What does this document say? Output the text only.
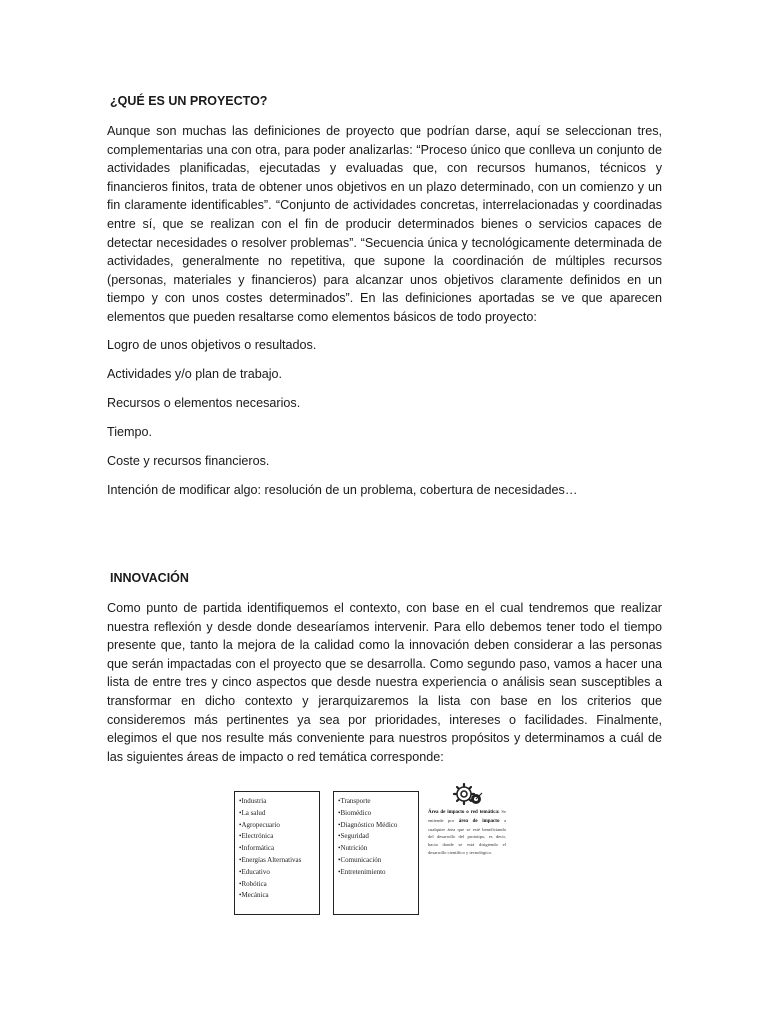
¿QUÉ ES UN PROYECTO?

Aunque son muchas las definiciones de proyecto que podrían darse, aquí se seleccionan tres, complementarias una con otra, para poder analizarlas: “Proceso único que conlleva un conjunto de actividades planificadas, ejecutadas y evaluadas que, con recursos humanos, técnicos y financieros finitos, trata de obtener unos objetivos en un plazo determinado, con un comienzo y un fin claramente identificables”. “Conjunto de actividades concretas, interrelacionadas y coordinadas entre sí, que se realizan con el fin de producir determinados bienes o servicios capaces de detectar necesidades o resolver problemas”. “Secuencia única y tecnológicamente determinada de actividades, generalmente no repetitiva, que supone la coordinación de múltiples recursos (personas, materiales y financieros) para alcanzar unos objetivos claramente definidos en un tiempo y con unos costes determinados”. En las definiciones aportadas se ve que aparecen elementos que pueden resaltarse como elementos básicos de todo proyecto:

Logro de unos objetivos o resultados.

Actividades y/o plan de trabajo.

Recursos o elementos necesarios.

Tiempo.

Coste y recursos financieros.

Intención de modificar algo: resolución de un problema, cobertura de necesidades…

INNOVACIÓN

Como punto de partida identifiquemos el contexto, con base en el cual tendremos que realizar nuestra reflexión y desde donde desearíamos intervenir. Para ello debemos tener todo el tiempo presente que, tanto la mejora de la calidad como la innovación deben considerar a las personas que serán impactadas con el proyecto que se desarrolla. Como segundo paso, vamos a hacer una lista de entre tres y cinco aspectos que desde nuestra experiencia o análisis sean susceptibles a transformar en dicho contexto y jerarquizaremos la lista con base en los criterios que consideremos más pertinentes ya sea por prioridades, intereses o facilidades. Finalmente, elegimos el que nos resulte más conveniente para nuestros propósitos y determinamos a cuál de las siguientes áreas de impacto o red temática corresponde:

• Industria
• La salud
• Agropecuario
• Electrónica
• Informática
• Energías Alternativas
• Educativo
• Robótica
• Mecánica
• Transporte
• Biomédico
• Diagnóstico Médico
• Seguridad
• Nutrición
• Comunicación
• Entretenimiento
Área de impacto o red temática: Se entiende por área de impacto a cualquier área que se esté beneficiando del desarrollo del prototipo, es decir, hacia donde se está dirigiendo el desarrollo científico y tecnológico.
